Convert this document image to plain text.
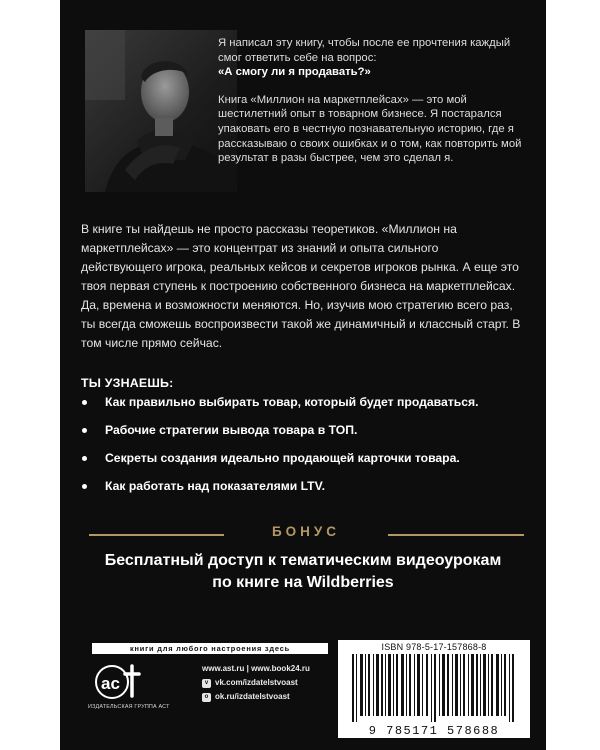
Я написал эту книгу, чтобы после ее прочтения каждый смог ответить себе на вопрос:

«А смогу ли я продавать?»

Книга «Миллион на маркетплейсах» — это мой шестилетний опыт в товарном бизнесе. Я постарался упаковать его в честную познавательную историю, где я рассказываю о своих ошибках и о том, как повторить мой результат в разы быстрее, чем это сделал я.

В книге ты найдешь не просто рассказы теоретиков. «Миллион на маркетплейсах» — это концентрат из знаний и опыта сильного действующего игрока, реальных кейсов и секретов игроков рынка. А еще это твоя первая ступень к построению собственного бизнеса на маркетплейсах.

Да, времена и возможности меняются. Но, изучив мою стратегию всего раз, ты всегда сможешь воспроизвести такой же динамичный и классный старт. В том числе прямо сейчас.

ТЫ УЗНАЕШЬ:
Как правильно выбирать товар, который будет продаваться.
Рабочие стратегии вывода товара в ТОП.
Секреты создания идеально продающей карточки товара.
Как работать над показателями LTV.
БОНУС
Бесплатный доступ к тематическим видеоурокам
по книге на Wildberries
книги для любого настроения здесь
ас
ИЗДАТЕЛЬСКАЯ ГРУППА АСТ
www.ast.ru | www.book24.ru
v vk.com/izdatelstvoast
o ok.ru/izdatelstvoast
ISBN 978-5-17-157868-8
9 785171 578688
